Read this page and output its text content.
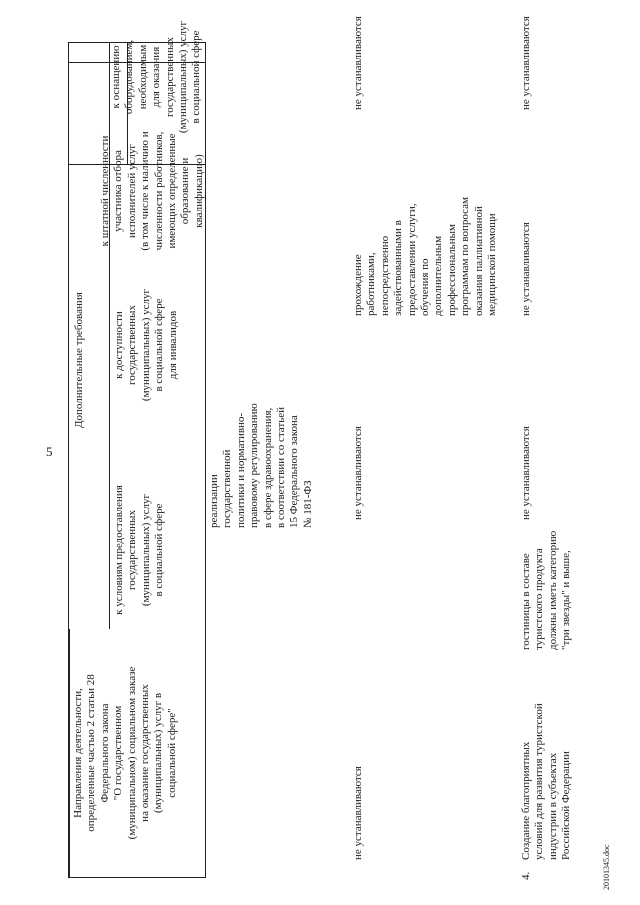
5
Направления деятельности,
определенные частью 2 статьи 28
Федерального закона
"О государственном
(муниципальном) социальном заказе
на оказание государственных
(муниципальных) услуг в
социальной сфере"
к условиям предоставления
государственных
(муниципальных) услуг
в социальной сфере
Дополнительные требования	к доступности
государственных
(муниципальных) услуг
в социальной сфере
для инвалидов
к штатной численности
участника отбора
исполнителей услуг
(в том числе к наличию и
численности работников,
имеющих определенные
образование и
квалификацию)
к оснащению
оборудованием,
необходимым
для оказания
государственных
(муниципальных) услуг
в социальной сфере
реализации
государственной
политики и нормативно-
правовому регулированию
в сфере здравоохранения,
в соответствии со статьей
15 Федерального закона
№ 181-ФЗ
не устанавливаются
не устанавливаются
прохождение
работниками,
непосредственно
задействованными в
предоставлении услуги,
обучения по
дополнительным
профессиональным
программам по вопросам
оказания паллиативной
медицинской помощи
не устанавливаются
4.
Создание благоприятных
условий для развития туристской
индустрии в субъектах
Российской Федерации
гостиницы в составе
туристского продукта
должны иметь категорию
"три звезды" и выше,
не устанавливаются
не устанавливаются
не устанавливаются
20101345.doc
